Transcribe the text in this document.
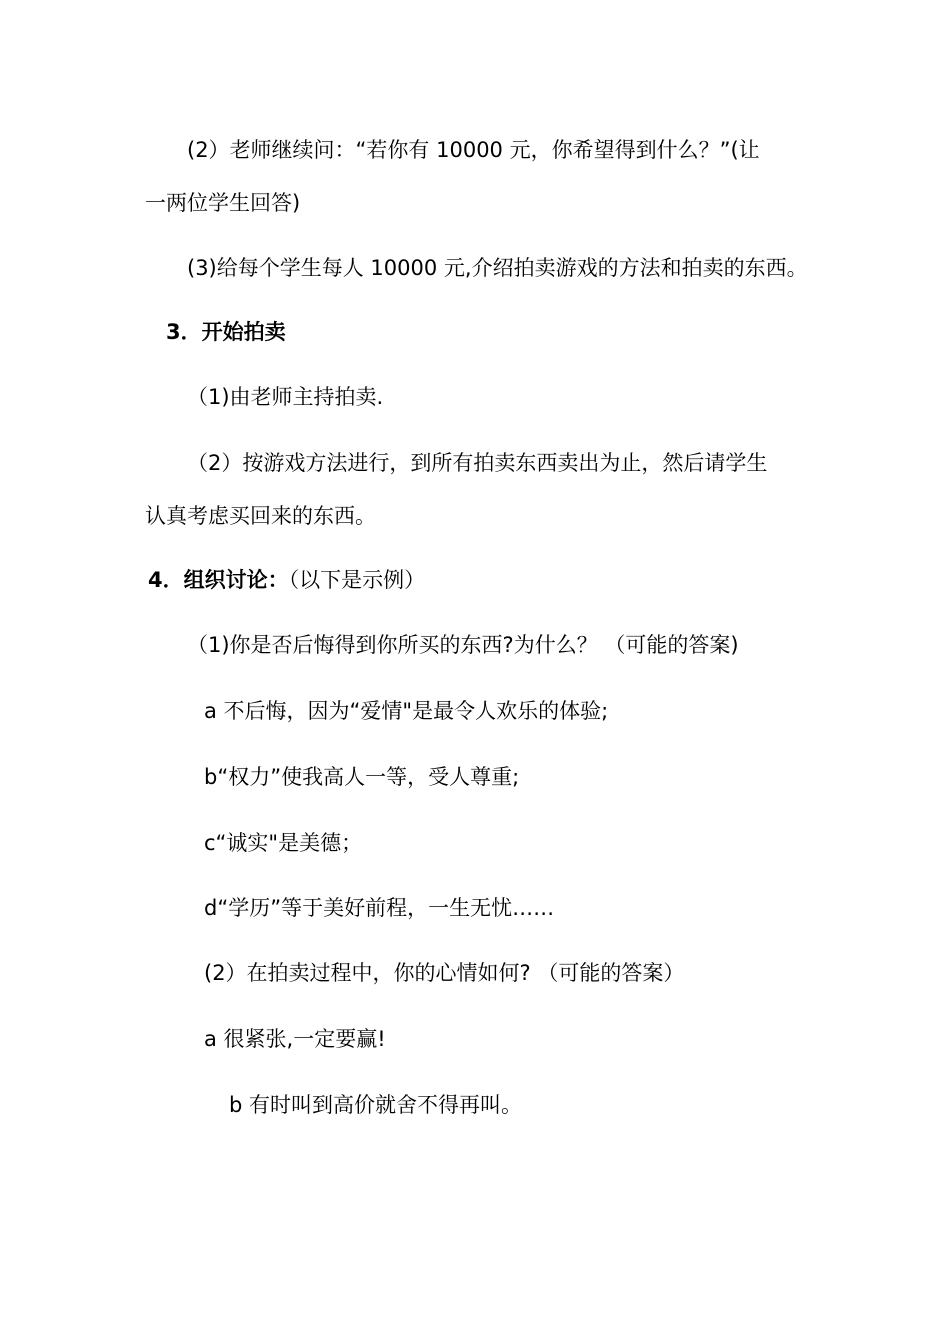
(2）老师继续问：“若你有 10000 元，你希望得到什么？”(让
一两位学生回答)
(3)给每个学生每人 10000 元,介绍拍卖游戏的方法和拍卖的东西。
3．开始拍卖
（1)由老师主持拍卖.
（2）按游戏方法进行，到所有拍卖东西卖出为止，然后请学生
认真考虑买回来的东西。
4．组织讨论：（以下是示例）
（1)你是否后悔得到你所买的东西?为什么？ （可能的答案)
a 不后悔，因为“爱情"是最令人欢乐的体验;
b“权力”使我高人一等，受人尊重;
c“诚实"是美德；
d“学历”等于美好前程，一生无忧……
(2）在拍卖过程中，你的心情如何? （可能的答案）
a 很紧张,一定要赢!
b 有时叫到高价就舍不得再叫。
